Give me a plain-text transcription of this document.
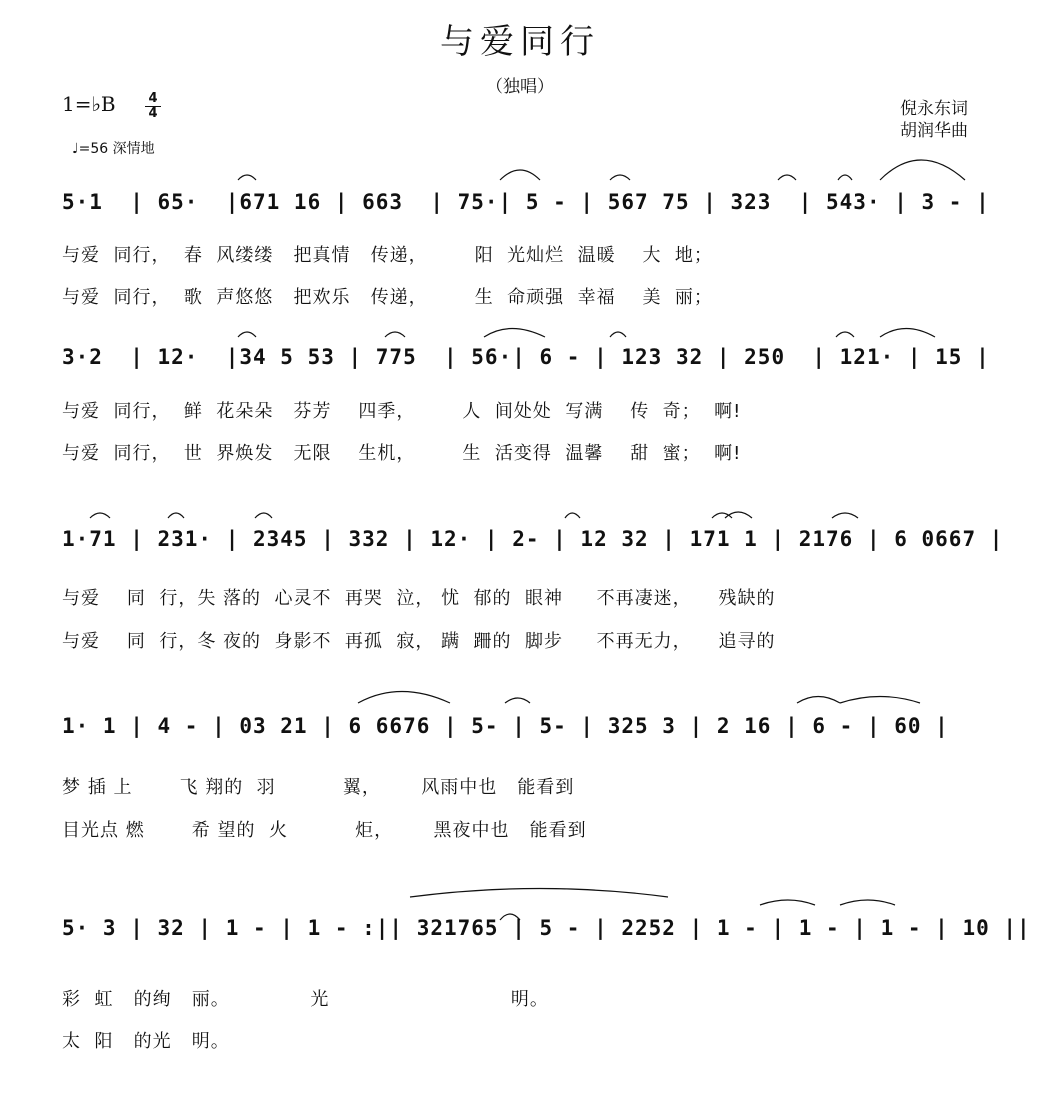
与爱同行
（独唱）
1=♭B	4
4
♩=56 深情地
倪永东词
胡润华曲
5·1  | 65·  |671 16 | 663  | 75·| 5 - | 567 75 | 323  | 543· | 3 - |
与爱  同行，  春  风缕缕   把真情   传递，       阳  光灿烂  温暖    大  地；
与爱  同行，  歌  声悠悠   把欢乐   传递，       生  命顽强  幸福    美  丽；
3·2  | 12·  |34 5 53 | 775  | 56·| 6 - | 123 32 | 250  | 121· | 15 |
与爱  同行，  鲜  花朵朵   芬芳    四季，       人  间处处  写满    传  奇；  啊!
与爱  同行，  世  界焕发   无限    生机，       生  活变得  温馨    甜  蜜；  啊!
1·71 | 231· | 2345 | 332 | 12· | 2- | 12 32 | 171 1 | 2176 | 6 0667 |
与爱    同  行，失 落的  心灵不  再哭  泣， 忧  郁的  眼神     不再凄迷，    残缺的
与爱    同  行，冬 夜的  身影不  再孤  寂， 蹒  跚的  脚步     不再无力，    追寻的
1· 1 | 4 - | 03 21 | 6 6676 | 5- | 5- | 325 3 | 2 16 | 6 - | 60 |
梦 插 上       飞 翔的  羽          翼，      风雨中也   能看到
目光点 燃       希 望的  火          炬，      黑夜中也   能看到
5· 3 | 32 | 1 - | 1 - :|| 321765 | 5 - | 2252 | 1 - | 1 - | 1 - | 10 ||
彩  虹   的绚   丽。            光                           明。
太  阳   的光   明。
